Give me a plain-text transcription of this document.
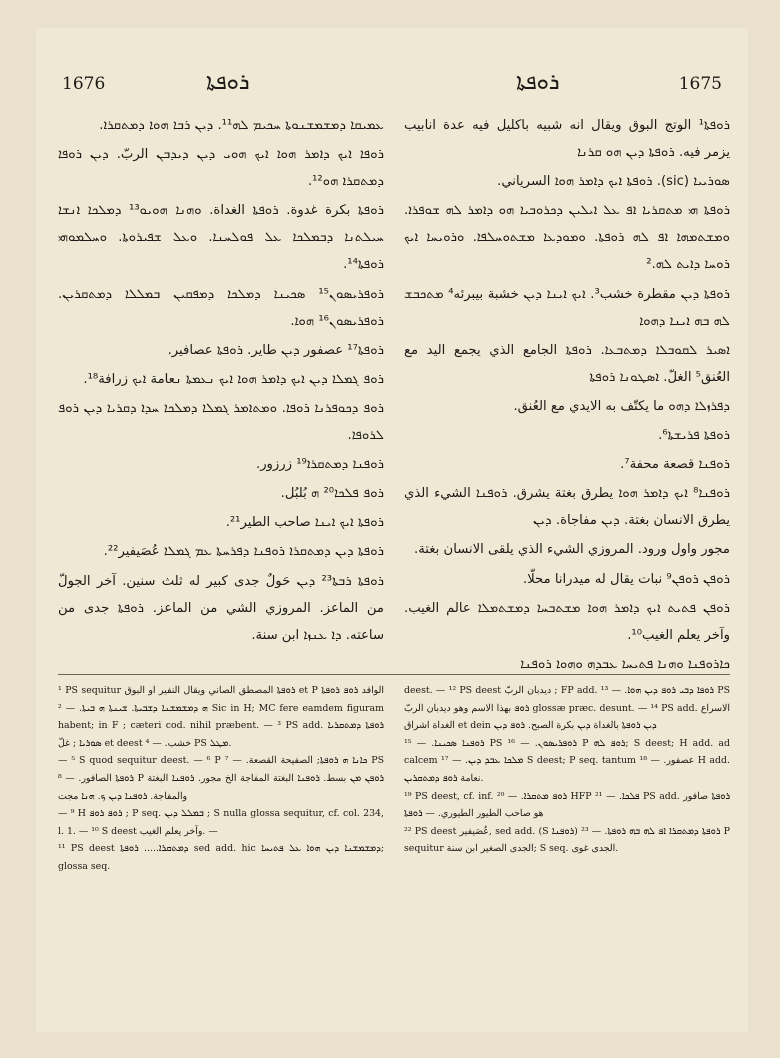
1676	ܪܘܦܬܐ	ܪܘܦܬܐ	1675

ܥܡܝܩܐ ܕܡܫܡܫܢܘܬܐ ܚܟܝܡ ܠܗ¹¹. ܕܝܢ ܪܒܐ ܗܘܐ ܕܡܬܩܪܐ.

ܪܘܦܐ ܐܝܟ ܕܐܡܪ ܗܘܐ ܐܝܟ ܗܘܝ ܕܝܢ ܕܝܕܒܢ الربّ. ܕܝܢ ܪܘܦܐ ܕܡܬܩܪܐ ܗܘ¹².

ܪܘܦܬܐ بكرة غدوة. ܪܘܦܬܐ الغداة. ܘܗܢܐ ܗܘܝܘ¹³ ܕܡܠܟܐ ܐܢܫܐ ܚܝܠܬܢܐ ܕܒܡܠܟܐ ܥܠ ܦܘܠܚܢܐ. ܘܥܠ ܫܦܝܪܘܬܐ. ܘܚܠܡܘܗܝ ܪܘܦܬܐ¹⁴.

ܪܘܦܪܝܣܘܢ¹⁵ ܣܟܝܢܐ ܕܡܠܟܐ ܕܡܦܩܝܢ ܒܡܠܠܐ ܕܡܬܩܪܝܢ. ܪܘܦܪܝܣܘܢ¹⁶ ܗܘܐ.

ܪܘܦܬܐ¹⁷ عصفور ܕܝܢ طاير. ܪܘܦܬܐ عصافير.

ܪܘܦ ܓܡܠܐ ܕܝܢ ܐܝܟ ܕܐܡܪ ܗܘܐ ܐܝܟ ܢܥܡܬܐ ܢعامة ܐܝܟ زرافة¹⁸.

ܪܘܦ ܕܟܘܦܪܢܐ ܪܘܦܐ. ܘܡܬܐܡܪ ܓܡܠܐ ܕܡܠܟܐ ܚܕܐ ܕܩܪܝܐ ܕܝܢ ܪܘܦ ܠܪܘܦܐ.

ܪܘܦܢܐ ܕܡܬܩܪܐ¹⁹ زرزور.

ܪܘܦ ܦܠܟܐ²⁰ ܗ بُلبُل.

ܪܘܦܬܐ ܐܝܟ ܐܝܢܐ صاحب الطير²¹.

ܪܘܦܬܐ ܕܝܢ ܕܡܬܩܪܐ ܪܘܦܢܐ ܕܦܪܚܬܐ ܥܡ ܓܡܠܐ عُصَيفير²².

ܪܘܦܬܐ ܪܒܬܐ²³ ܕܝܢ حَولٌ جدى كبير له ثلث سنين. آخر الجولّ من الماعز. المروزي الشي من الماعز. ܪܘܦܬܐ جدى من ساعته. ܕܐ ܥܢܙܐ ابن سنة.

ܪܘܦܬܐ¹ الوتج البوق ويقال انه شبيه باكليل فيه عدة انابيب يزمر فيه. ܪܘܦܬܐ ܕܝܢ ܗܘ ܩܪܢܐ

ܣܘܪܝܝܐ (sic). ܪܘܦܬܐ ܐܝܟ ܕܐܡܪ ܗܘܐ السرياني.

ܪܘܦܬܐ ܗܝ ܡܬܩܪܝܐ ܐܦ ܥܠ ܐܝܠܝܢ ܕܟܪܘܒܝܐ ܗܘ ܕܐܡܪ ܠܗ ܫܘܦܪܐ. ܘܡܫܬܡܗܐ ܐܦ ܠܗ ܪܘܦܬܐ. ܘܡܘܕܥܐ ܡܫܬܘܚܠܦܐ. ܘܪܘܝܚܐ ܐܝܟ ܪܘܚܐ ܕܐܝܬ ܠܗ.²

ܪܘܦܬܐ ܕܝܢ مقطرة خشب³. ܐܝܟ ܐܝܢܐ ܕܝܢ خشبة بيبرئه⁴ ܡܬܟܒܫ ܠܗ ܒܗ ܐܝܢܐ ܕܗܘܐ

ܐܣܝܪ ܠܩܘܒܠܐ ܕܡܬܒܥܐ. ܪܘܦܬܐ الجامع الذي يجمع اليد مع العُنق⁵ الغلّ. ܐܣܛܘܢܐ ܪܘܦܬܐ

ܕܦܪܙܠܐ ܕܗܘ ما يكتّف به الايدي مع العُنق.

ܪܘܦܬܐ ܦܪܝܫܬܐ⁶.

ܪܘܦܢܐ قصعة محفة⁷.

ܪܘܦܢܐ⁸ ܐܝܟ ܕܐܡܪ ܗܘܐ يطرق بغتة يشرق. ܪܘܦܢܐ الشيء الذي يطرق الانسان بغتة. ܕܝܢ مفاجاة. ܕܝܢ

مجور واول ورود. المروزي الشيء الذي يلقى الانسان بغتة.

ܪܘܦܢ ܪܘܦܢ⁹ نبات يقال له ميدرانا محلّا.

ܪܘܦܢ ܦܬܝܬ ܐܝܟ ܕܐܡܪ ܗܘܐ ܡܫܬܒܚܐ ܕܡܫܬܡܠܐ عالم الغيب. وآخر يعلم الغيب¹⁰.

ܟܐܪܘܦܢܐ ܘܗܢܐ ܦܬܝܚܐ ܥܒܕܗ ܘܗܘܐ ܪܘܦܢܐ

¹ PS sequitur ܪܘܦܬܐ المصطق الصاني ويقال النفير او البوق et P الوافد ܪܘܦ ܪܘܦܬܐ ܗ ܕܡܫܡܫܢܐ ܕܫܒܝܬܐ. ܫܝܢܬܐ ܗ ܒܝܬܐ. — ² Sic in H; MC fere eamdem figuram habent; in F ; cæteri cod. nihil præbent. — ³ PS add. ܪܘܦܬܐ ܕܡܬܩܪܝܐ ܣܘܪܝܐ ; غلّ et deest خشب. — ⁴ PS ܡܛܠ.

— ⁵ S quod sequitur deest. — ⁶ P ܟܐܢܐ ܗ ܪܘܦܬܐ; الصفيحة القصعة. — ⁷ PS ܪܘܦܬܐ الصافور. — ⁸ P ܪܘܦܢ ܡܢ بسط. ܪܘܦܢܐ البغتة المفاجة الخ مجور. ܪܘܦܢܐ البغتة والمفاجة. ܪܘܦܢܐ ܕܝܢ ܟ. ܗܢܐ مجت

— ⁹ H ܪܘܦ ܪܘܦ ; P seq. ܒܡܠܠ ܕܝܢ ; S nulla glossa sequitur, cf. col. 234, l. 1. — ¹⁰ S deest وآخر يعلم الغيب. —

¹¹ PS deest ܕܡܬܩܪܐ..... ܪܘܦܬܐ sed add. hic ܕܡܫܡܫܢܐ ܕܝܢ ܗܘܐ ܥܠ ܦܬܝܚܐ; glossa seq.

deest. — ¹² PS deest ديدبان الربّ ; FP add. ܪܘܦܐ ܕܒܝ ܪܘܦ ܕܝܢ ܗܘܐ. — ¹³ PS ܪܘܦ بهذا الاسم وهو ديدبان الربّ glossæ præc. desunt. — ¹⁴ PS add. الاسراع الغداة اشراق et dein ܕܝܢ ܪܘܦܬܐ بالغداة ܕܝܢ بكرة الصبح. ܪܘܦ ܕܝܢ

ܪܘܦܢܐ ܣܟܝܢܐ. — ¹⁵ PS ܪܘܦܪܝܣܘܢ. — ¹⁶ P ܪܘܦ ܠܗ; S deest; H add. ad calcem ܡܠܟܐ ܥܒܕ ܕܝܢ. — ¹⁷ S deest; P seq. tantum عصفور. — ¹⁸ H add. نعامة ܪܘܦ ܕܡܬܩܪܝܢ.

¹⁹ PS deest, cf. inf. ܪܘܦ ܡܬܩܪܐ. — ²⁰ HFP ܦܠܟܐ. — ²¹ PS add. ܪܘܦܬܐ صافور هو صاحب الطيور الطيوري. — ܪܘܦܬܐ

²² PS deest عُصَيفير, sed add. (S ܪܘܦܢܐ) ܪܘܦܬܐ ܕܡܬܩܪܐ ܐܦ ܠܗ ܒܗ ܪܘܦܬܐ. — ²³ P sequitur الجدى الصغير ابن سنة; S seq. الجدى غوى.
